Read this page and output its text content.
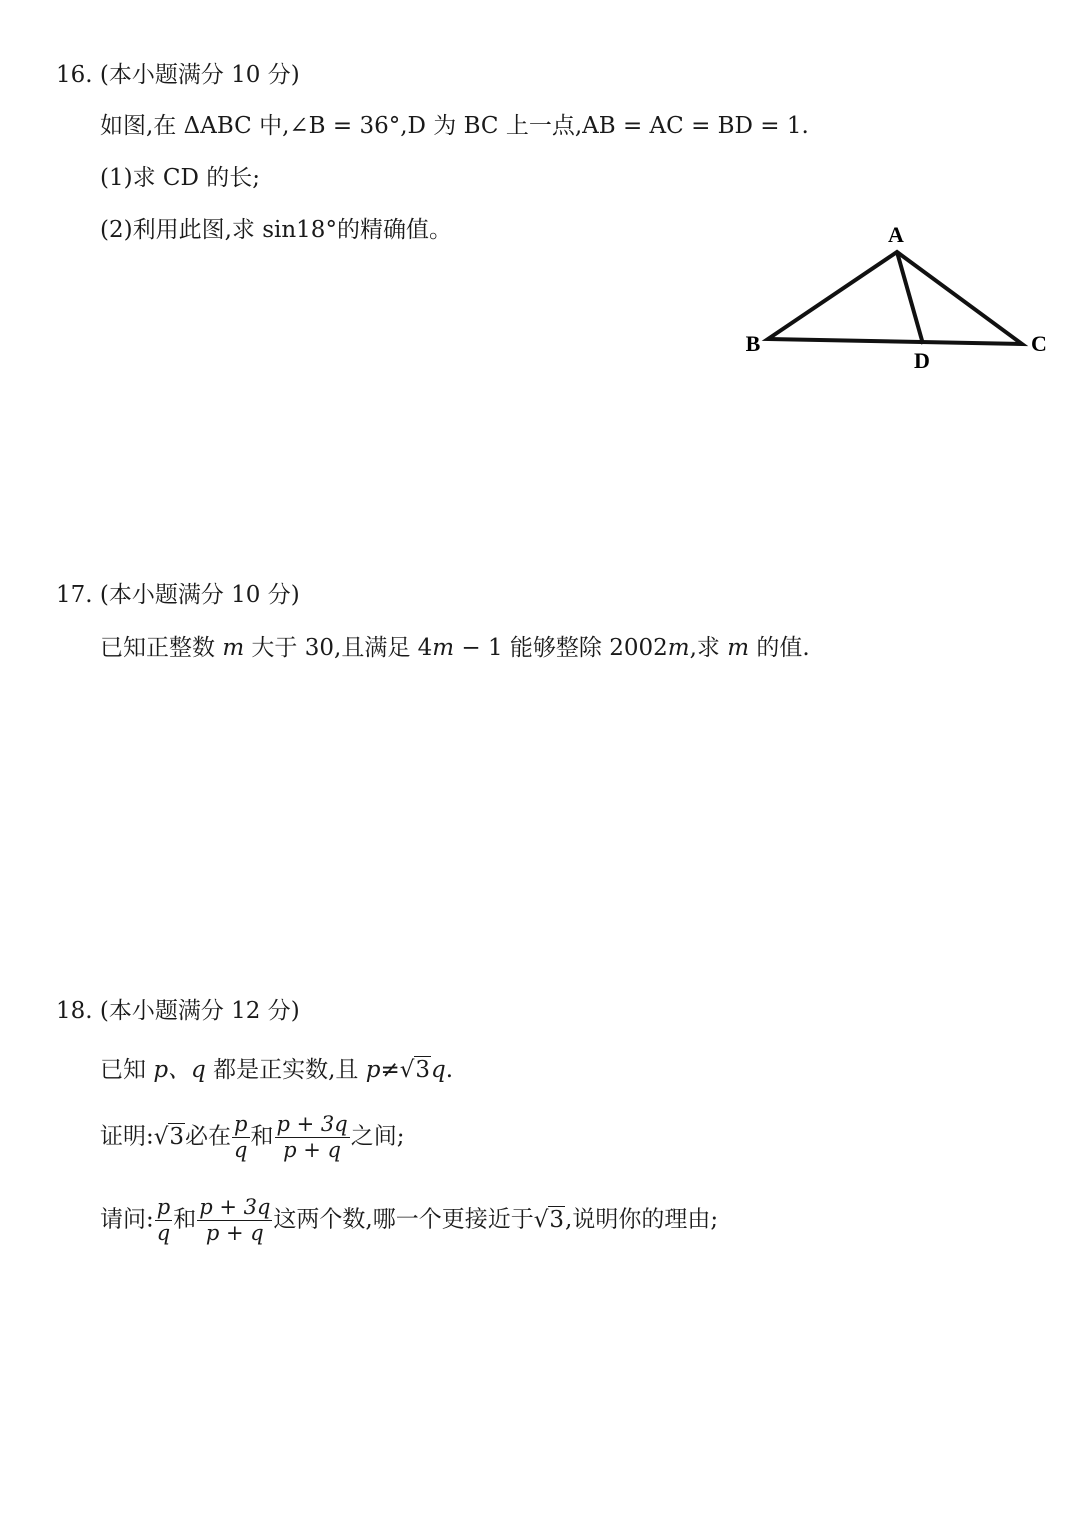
16. (本小题满分 10 分)
如图,在 ΔABC 中,∠B = 36°,D 为 BC 上一点,AB = AC = BD = 1.
(1)求 CD 的长;
(2)利用此图,求 sin18°的精确值。	A
B	C
D
17. (本小题满分 10 分)
已知正整数 m 大于 30,且满足 4m − 1 能够整除 2002m,求 m 的值.
18. (本小题满分 12 分)
已知 p、q 都是正实数,且 p≠√3q.
证明:√3必在 $\frac{p}{q}$ 和 $\frac{p + 3q}{p + q}$ 之间;
请问: $\frac{p}{q}$ 和 $\frac{p + 3q}{p + q}$ 这两个数,哪一个更接近于√3,说明你的理由;
